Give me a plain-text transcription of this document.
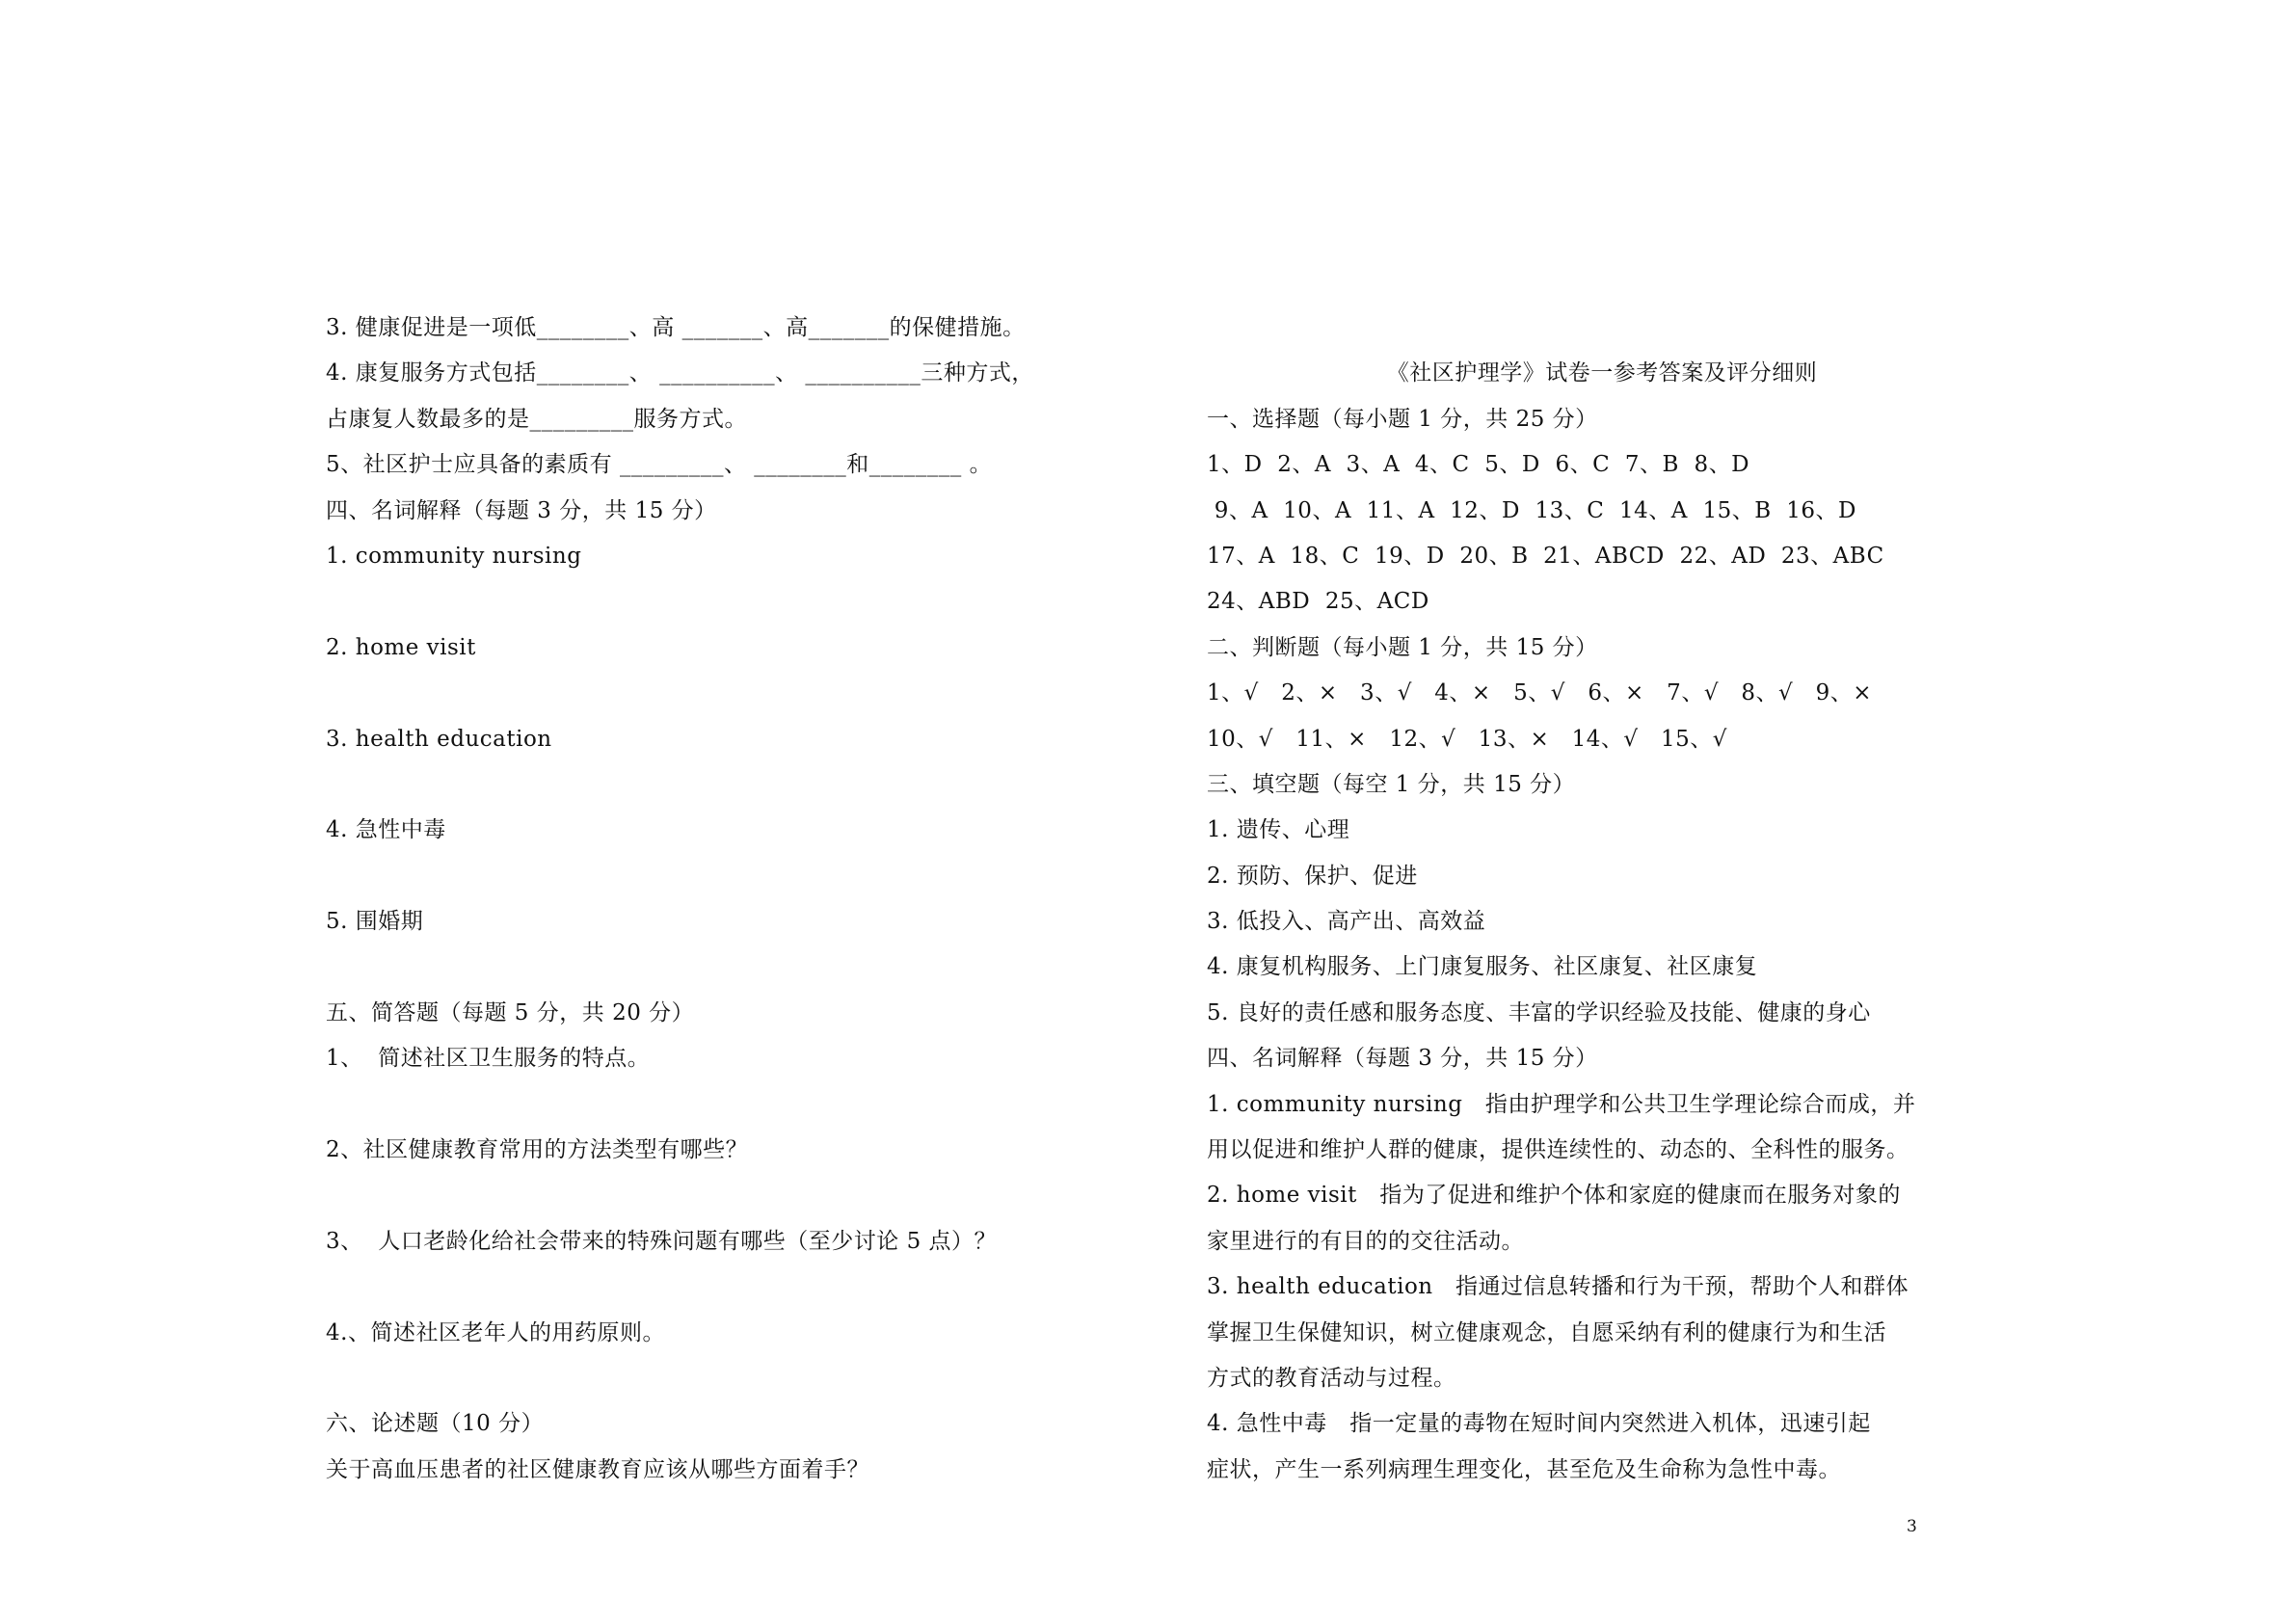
3. 健康促进是一项低________、高 _______、高_______的保健措施。
4. 康复服务方式包括________、 __________、 __________三种方式，
占康复人数最多的是_________服务方式。
5、社区护士应具备的素质有 _________、 ________和________ 。
四、名词解释（每题 3 分，共 15 分）
1. community nursing
2. home visit
3. health education
4. 急性中毒
5. 围婚期
五、简答题（每题 5 分，共 20 分）
1、  简述社区卫生服务的特点。
2、社区健康教育常用的方法类型有哪些？
3、  人口老龄化给社会带来的特殊问题有哪些（至少讨论 5 点）？
4.、简述社区老年人的用药原则。
六、论述题（10 分）
关于高血压患者的社区健康教育应该从哪些方面着手？
《社区护理学》试卷一参考答案及评分细则
一、选择题（每小题 1 分，共 25 分）
1、D  2、A  3、A  4、C  5、D  6、C  7、B  8、D
9、A  10、A  11、A  12、D  13、C  14、A  15、B  16、D
17、A  18、C  19、D  20、B  21、ABCD  22、AD  23、ABC
24、ABD  25、ACD
二、判断题（每小题 1 分，共 15 分）
1、√   2、×   3、√   4、×   5、√   6、×   7、√   8、√   9、×
10、√   11、×   12、√   13、×   14、√   15、√
三、填空题（每空 1 分，共 15 分）
1. 遗传、心理
2. 预防、保护、促进
3. 低投入、高产出、高效益
4. 康复机构服务、上门康复服务、社区康复、社区康复
5. 良好的责任感和服务态度、丰富的学识经验及技能、健康的身心
四、名词解释（每题 3 分，共 15 分）
1. community nursing   指由护理学和公共卫生学理论综合而成，并
用以促进和维护人群的健康，提供连续性的、动态的、全科性的服务。
2. home visit   指为了促进和维护个体和家庭的健康而在服务对象的
家里进行的有目的的交往活动。
3. health education   指通过信息转播和行为干预，帮助个人和群体
掌握卫生保健知识，树立健康观念，自愿采纳有利的健康行为和生活
方式的教育活动与过程。
4. 急性中毒   指一定量的毒物在短时间内突然进入机体，迅速引起
症状，产生一系列病理生理变化，甚至危及生命称为急性中毒。
3
